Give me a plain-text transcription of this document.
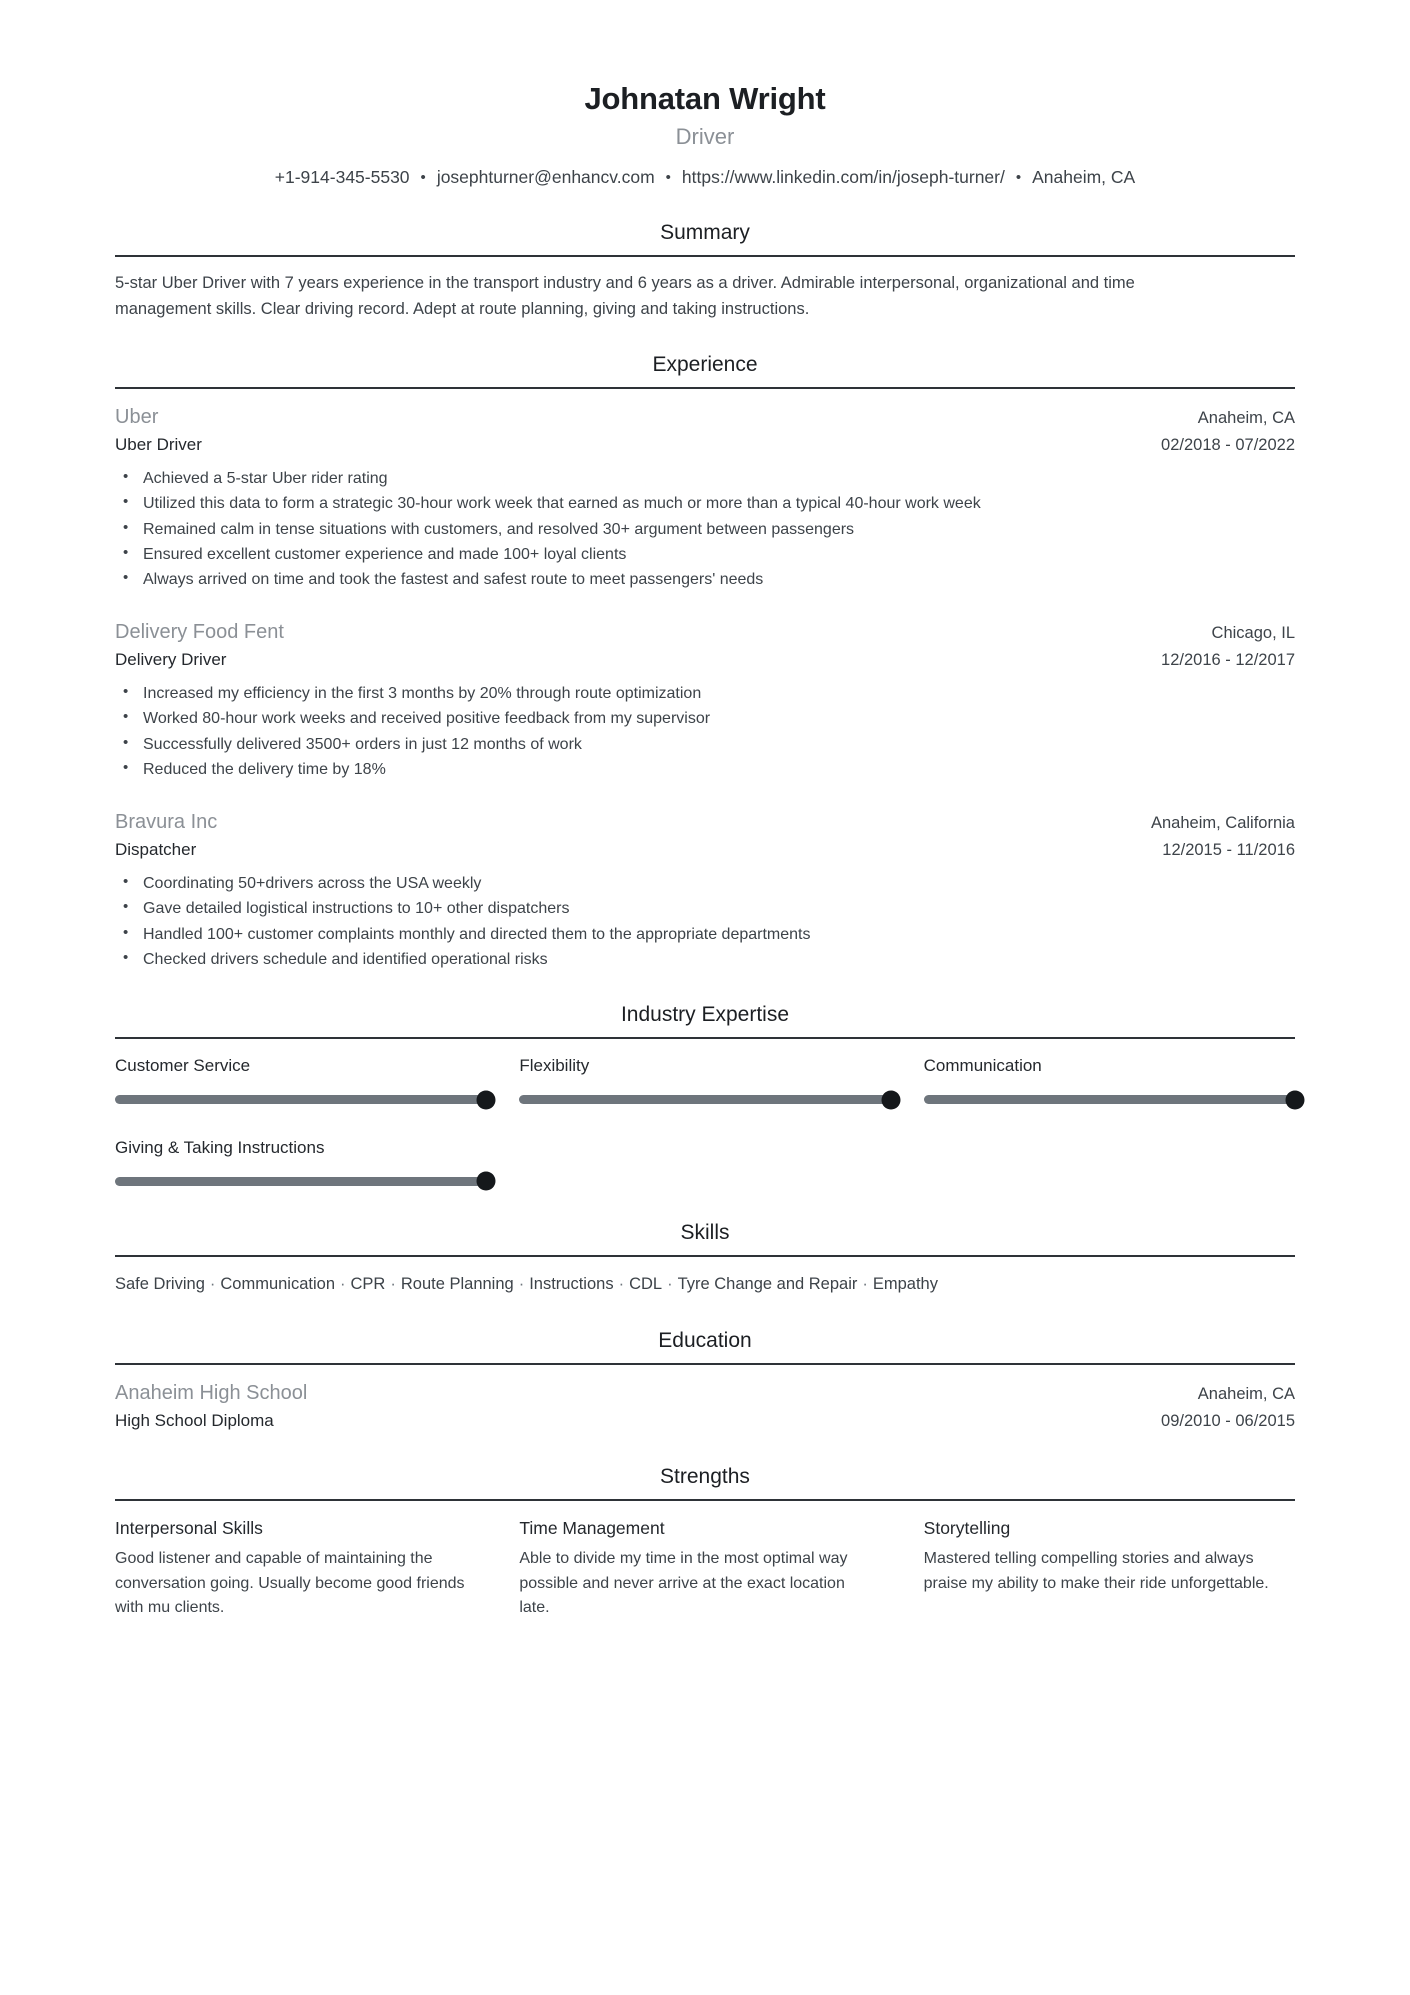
Johnatan Wright
Driver
+1-914-345-5530 • josephturner@enhancv.com • https://www.linkedin.com/in/joseph-turner/ • Anaheim, CA
Summary
5-star Uber Driver with 7 years experience in the transport industry and 6 years as a driver. Admirable interpersonal, organizational and time management skills. Clear driving record. Adept at route planning, giving and taking instructions.
Experience
Uber	Anaheim, CA
Uber Driver	02/2018 - 07/2022
• Achieved a 5-star Uber rider rating
• Utilized this data to form a strategic 30-hour work week that earned as much or more than a typical 40-hour work week
• Remained calm in tense situations with customers, and resolved 30+ argument between passengers
• Ensured excellent customer experience and made 100+ loyal clients
• Always arrived on time and took the fastest and safest route to meet passengers' needs
Delivery Food Fent	Chicago, IL
Delivery Driver	12/2016 - 12/2017
• Increased my efficiency in the first 3 months by 20% through route optimization
• Worked 80-hour work weeks and received positive feedback from my supervisor
• Successfully delivered 3500+ orders in just 12 months of work
• Reduced the delivery time by 18%
Bravura Inc	Anaheim, California
Dispatcher	12/2015 - 11/2016
• Coordinating 50+drivers across the USA weekly
• Gave detailed logistical instructions to 10+ other dispatchers
• Handled 100+ customer complaints monthly and directed them to the appropriate departments
• Checked drivers schedule and identified operational risks
Industry Expertise
Customer Service	Flexibility	Communication
Giving & Taking Instructions
Skills
Safe Driving · Communication · CPR · Route Planning · Instructions · CDL · Tyre Change and Repair · Empathy
Education
Anaheim High School	Anaheim, CA
High School Diploma	09/2010 - 06/2015
Strengths
Interpersonal Skills
Good listener and capable of maintaining the conversation going. Usually become good friends with mu clients.
Time Management
Able to divide my time in the most optimal way possible and never arrive at the exact location late.
Storytelling
Mastered telling compelling stories and always praise my ability to make their ride unforgettable.
